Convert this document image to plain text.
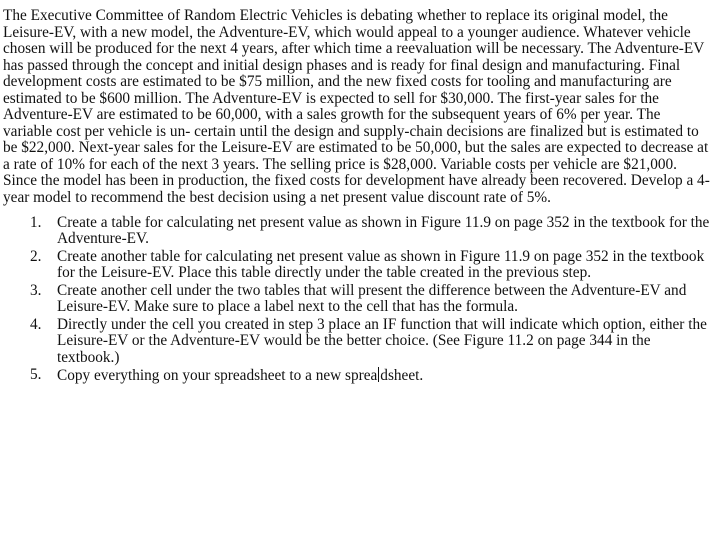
The Executive Committee of Random Electric Vehicles is debating whether to replace its original model, the Leisure-EV, with a new model, the Adventure-EV, which would appeal to a younger audience. Whatever vehicle chosen will be produced for the next 4 years, after which time a reevaluation will be necessary. The Adventure-EV has passed through the concept and initial design phases and is ready for final design and manufacturing. Final development costs are estimated to be $75 million, and the new fixed costs for tooling and manufacturing are estimated to be $600 million. The Adventure-EV is expected to sell for $30,000. The first-year sales for the Adventure-EV are estimated to be 60,000, with a sales growth for the subsequent years of 6% per year. The variable cost per vehicle is un- certain until the design and supply-chain decisions are finalized but is estimated to be $22,000. Next-year sales for the Leisure-EV are estimated to be 50,000, but the sales are expected to decrease at a rate of 10% for each of the next 3 years. The selling price is $28,000. Variable costs per vehicle are $21,000. Since the model has been in production, the fixed costs for development have already been recovered. Develop a 4-year model to recommend the best decision using a net present value discount rate of 5%.

1. Create a table for calculating net present value as shown in Figure 11.9 on page 352 in the textbook for the Adventure-EV.
2. Create another table for calculating net present value as shown in Figure 11.9 on page 352 in the textbook for the Leisure-EV. Place this table directly under the table created in the previous step.
3. Create another cell under the two tables that will present the difference between the Adventure-EV and Leisure-EV. Make sure to place a label next to the cell that has the formula.
4. Directly under the cell you created in step 3 place an IF function that will indicate which option, either the Leisure-EV or the Adventure-EV would be the better choice. (See Figure 11.2 on page 344 in the textbook.)
5. Copy everything on your spreadsheet to a new sprea dsheet.
